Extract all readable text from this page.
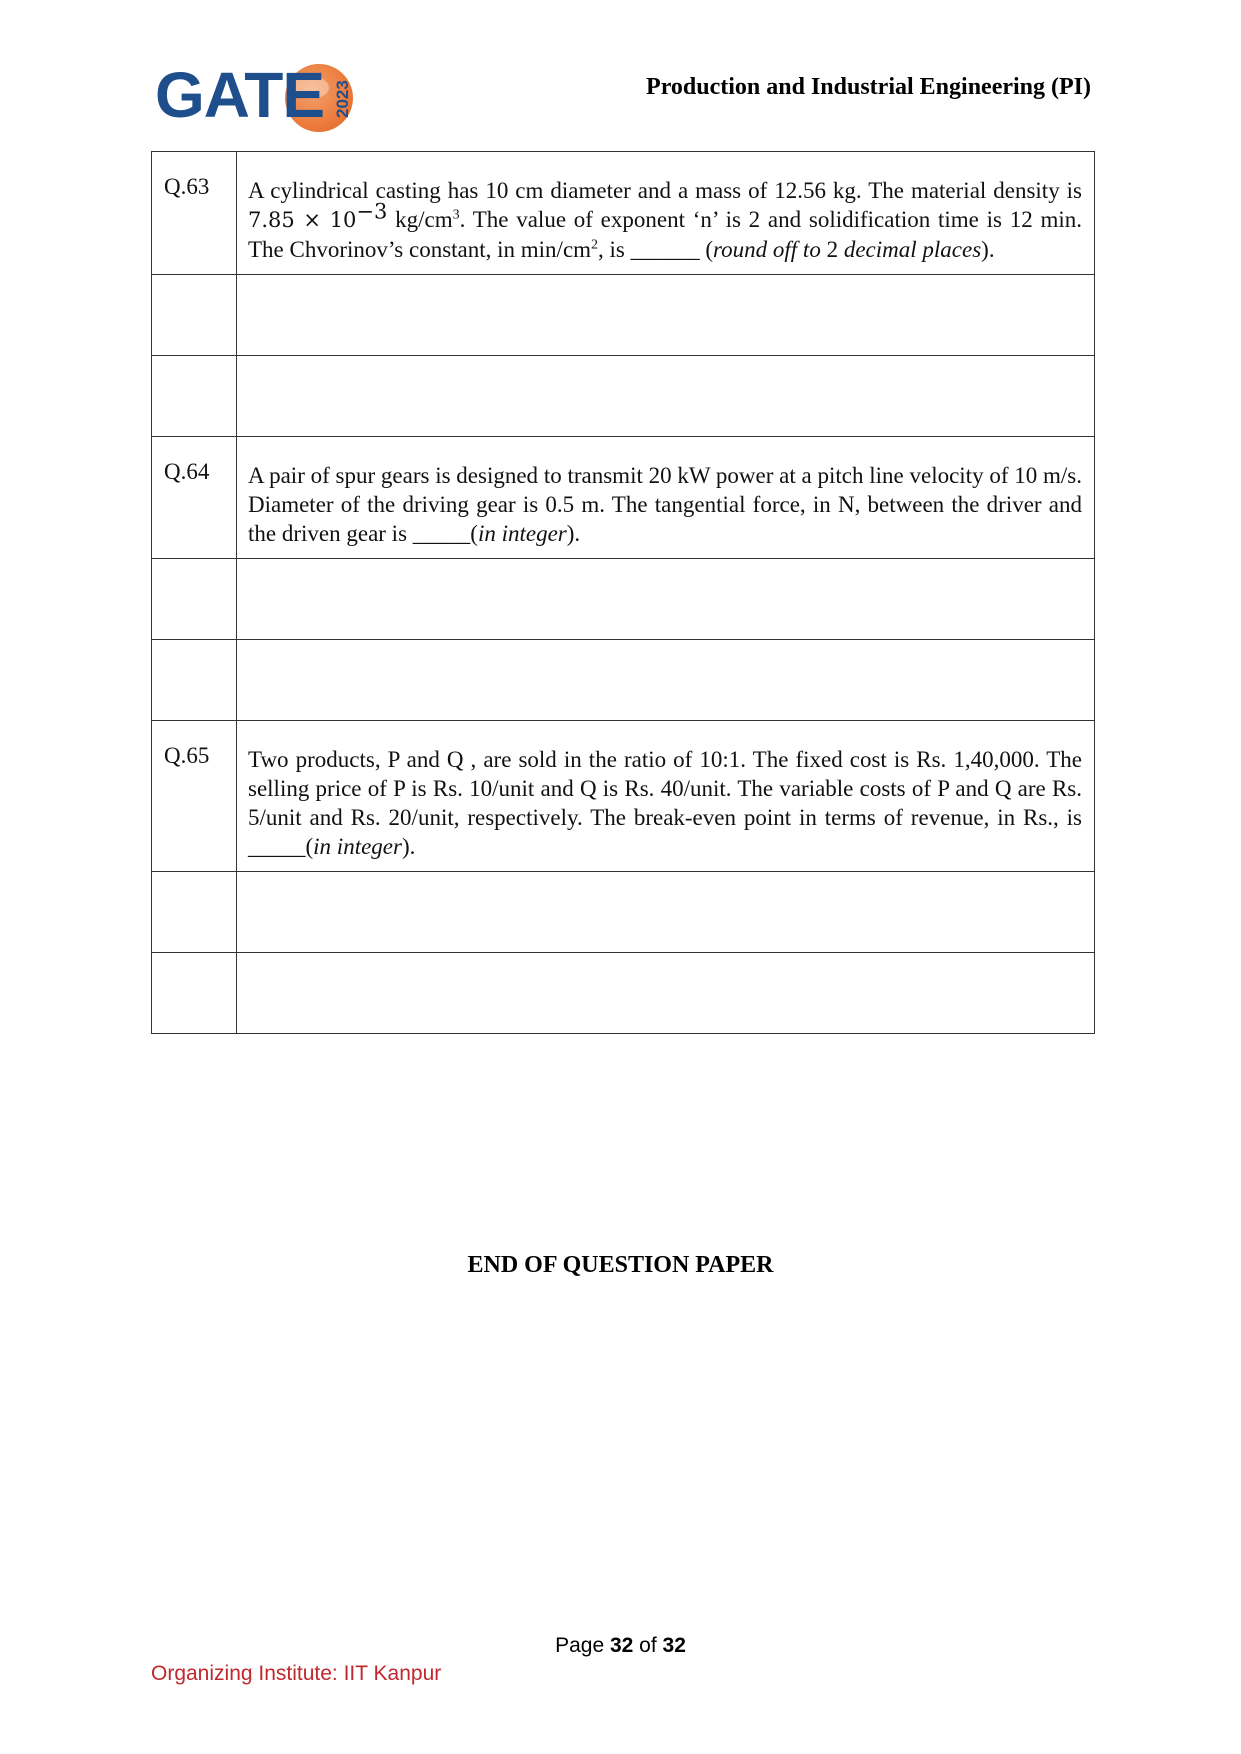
GATE 2023	Production and Industrial Engineering (PI)
Q.63	A cylindrical casting has 10 cm diameter and a mass of 12.56 kg. The material density is $7.85 \times 10^{-3}$ $kg/cm^3$. The value of exponent ‘n’ is 2 and solidification time is 12 min. The Chvorinov’s constant, in $\min/cm^2$, is ______ (round off to 2 decimal places).

Q.64	A pair of spur gears is designed to transmit 20 kW power at a pitch line velocity of 10 m/s. Diameter of the driving gear is 0.5 m. The tangential force, in N, between the driver and the driven gear is _____(in integer).

Q.65	Two products, P and Q , are sold in the ratio of 10:1. The fixed cost is Rs. 1,40,000. The selling price of P is Rs. 10/unit and Q is Rs. 40/unit. The variable costs of P and Q are Rs. 5/unit and Rs. 20/unit, respectively. The break-even point in terms of revenue, in Rs., is _____(in integer).

END OF QUESTION PAPER
Page 32 of 32
Organizing Institute: IIT Kanpur
